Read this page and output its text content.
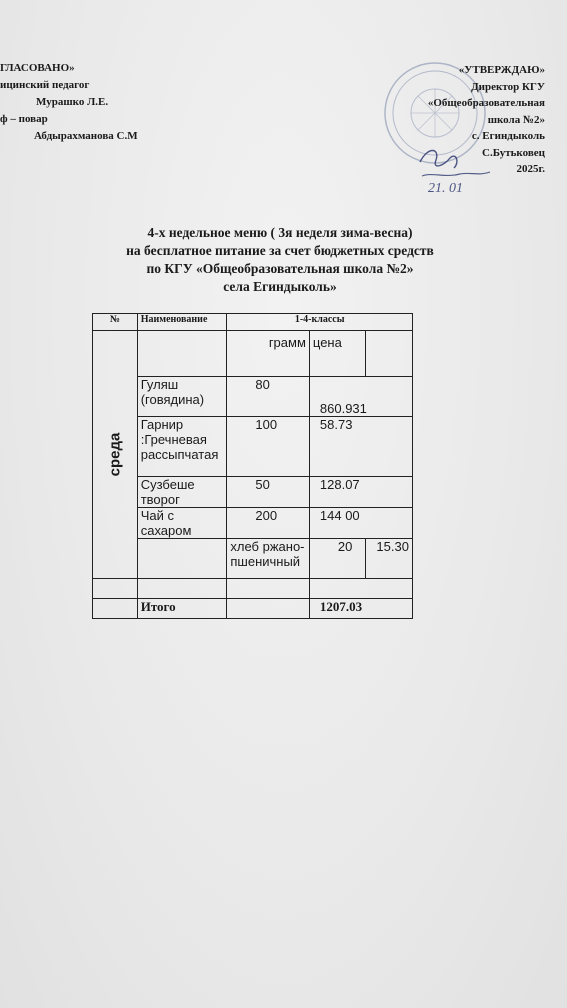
ГЛАСОВАНО»
ицинский педагог
Мурашко Л.Е.
ф – повар
Абдырахманова С.М
«УТВЕРЖДАЮ»
Директор КГУ
«Общеобразовательная
школа №2»
с. Егиндыколь
С.Бутьковец
2025г.
21. 01
4-х недельное меню ( 3я неделя зима-весна)
на бесплатное питание за счет бюджетных средств
по КГУ «Общеобразовательная школа №2»
села Егиндыколь»
№	Наименование	1-4-классы		
среда		грамм	цена	
	Гуляш (говядина)	80	860.931	
	Гарнир :Гречневая рассыпчатая	100	58.73	
	Сузбеше творог	50	128.07	
	Чай с сахаром	200	144 00	
		хлеб ржано-пшеничный	20	15.30

	Итого		1207.03	
